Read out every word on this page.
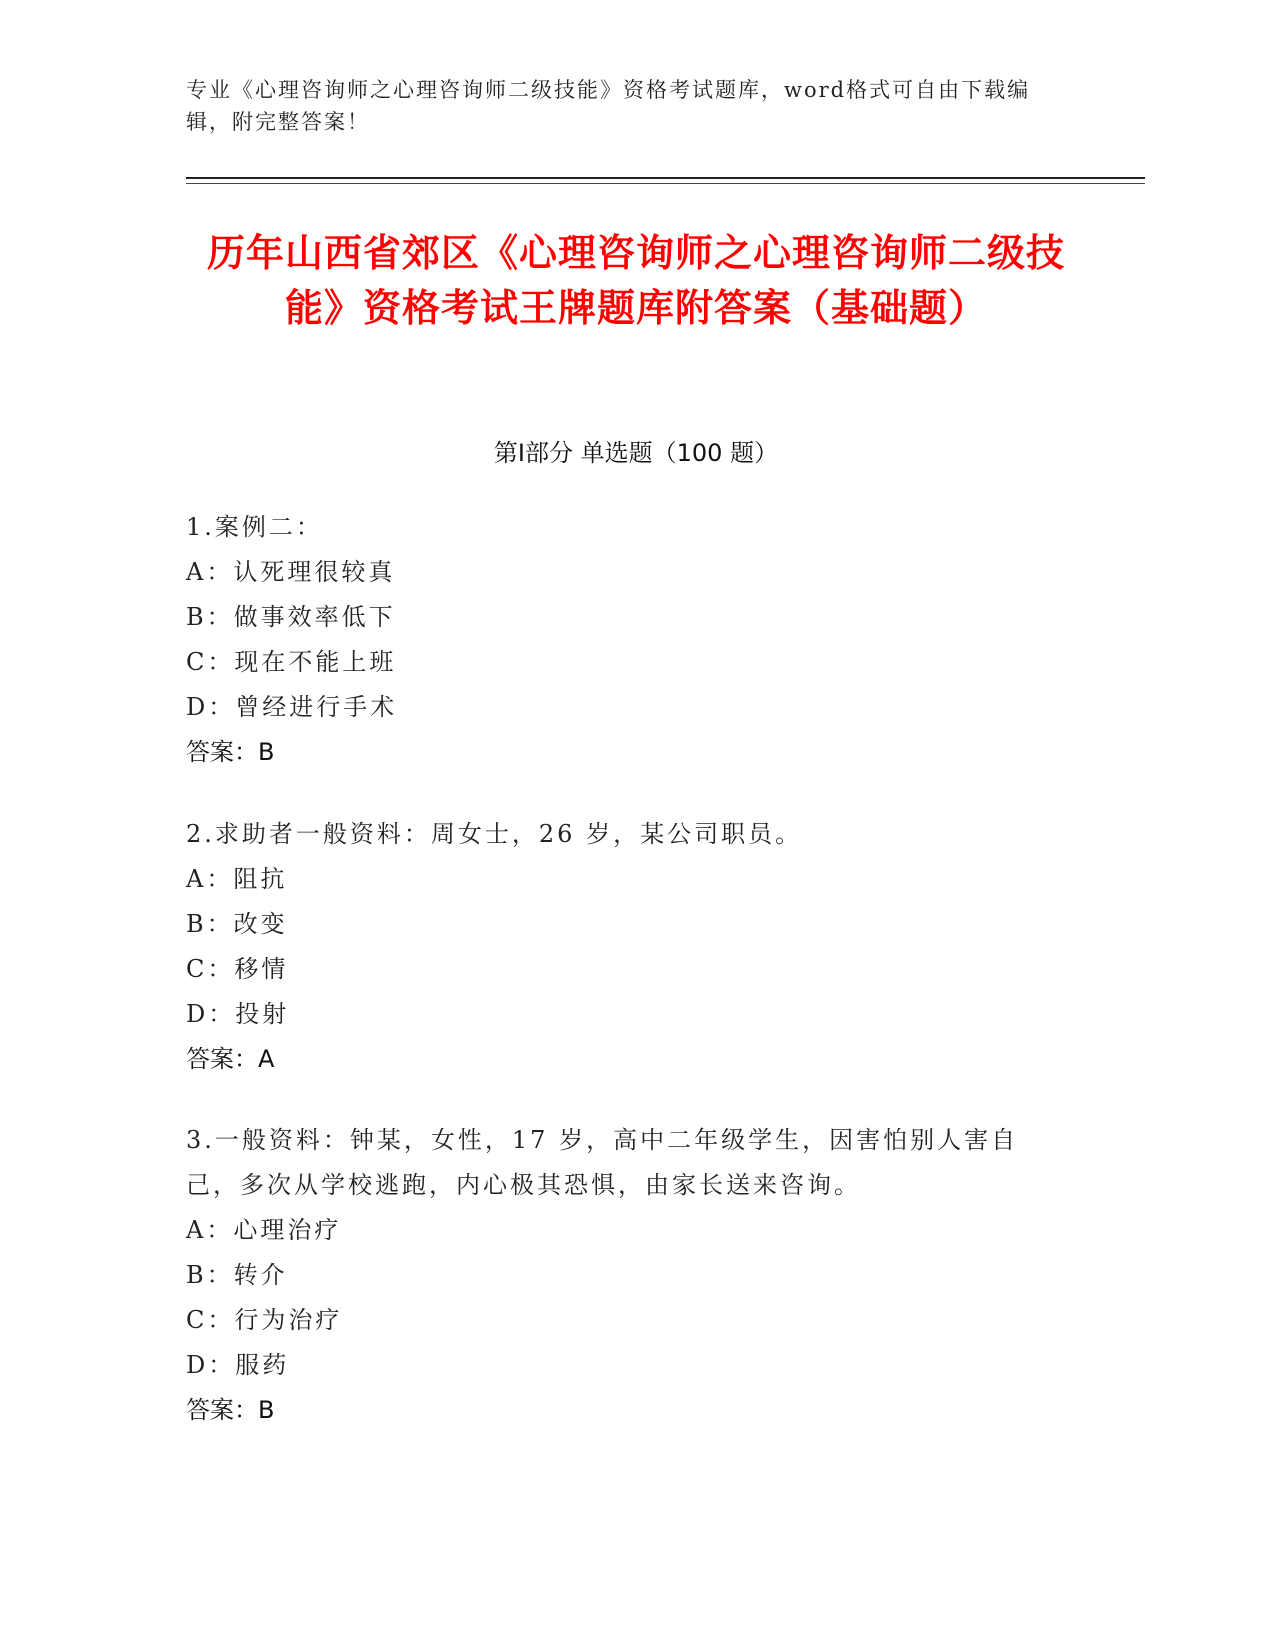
专业《心理咨询师之心理咨询师二级技能》资格考试题库，word格式可自由下载编辑，附完整答案！
历年山西省郊区《心理咨询师之心理咨询师二级技能》资格考试王牌题库附答案（基础题）
第Ⅰ部分 单选题（100 题）

1.案例二：

A：认死理很较真

B：做事效率低下

C：现在不能上班

D：曾经进行手术

答案：B

2.求助者一般资料：周女士，26 岁，某公司职员。

A：阻抗

B：改变

C：移情

D：投射

答案：A

3.一般资料：钟某，女性，17 岁，高中二年级学生，因害怕别人害自己，多次从学校逃跑，内心极其恐惧，由家长送来咨询。

A：心理治疗

B：转介

C：行为治疗

D：服药

答案：B
